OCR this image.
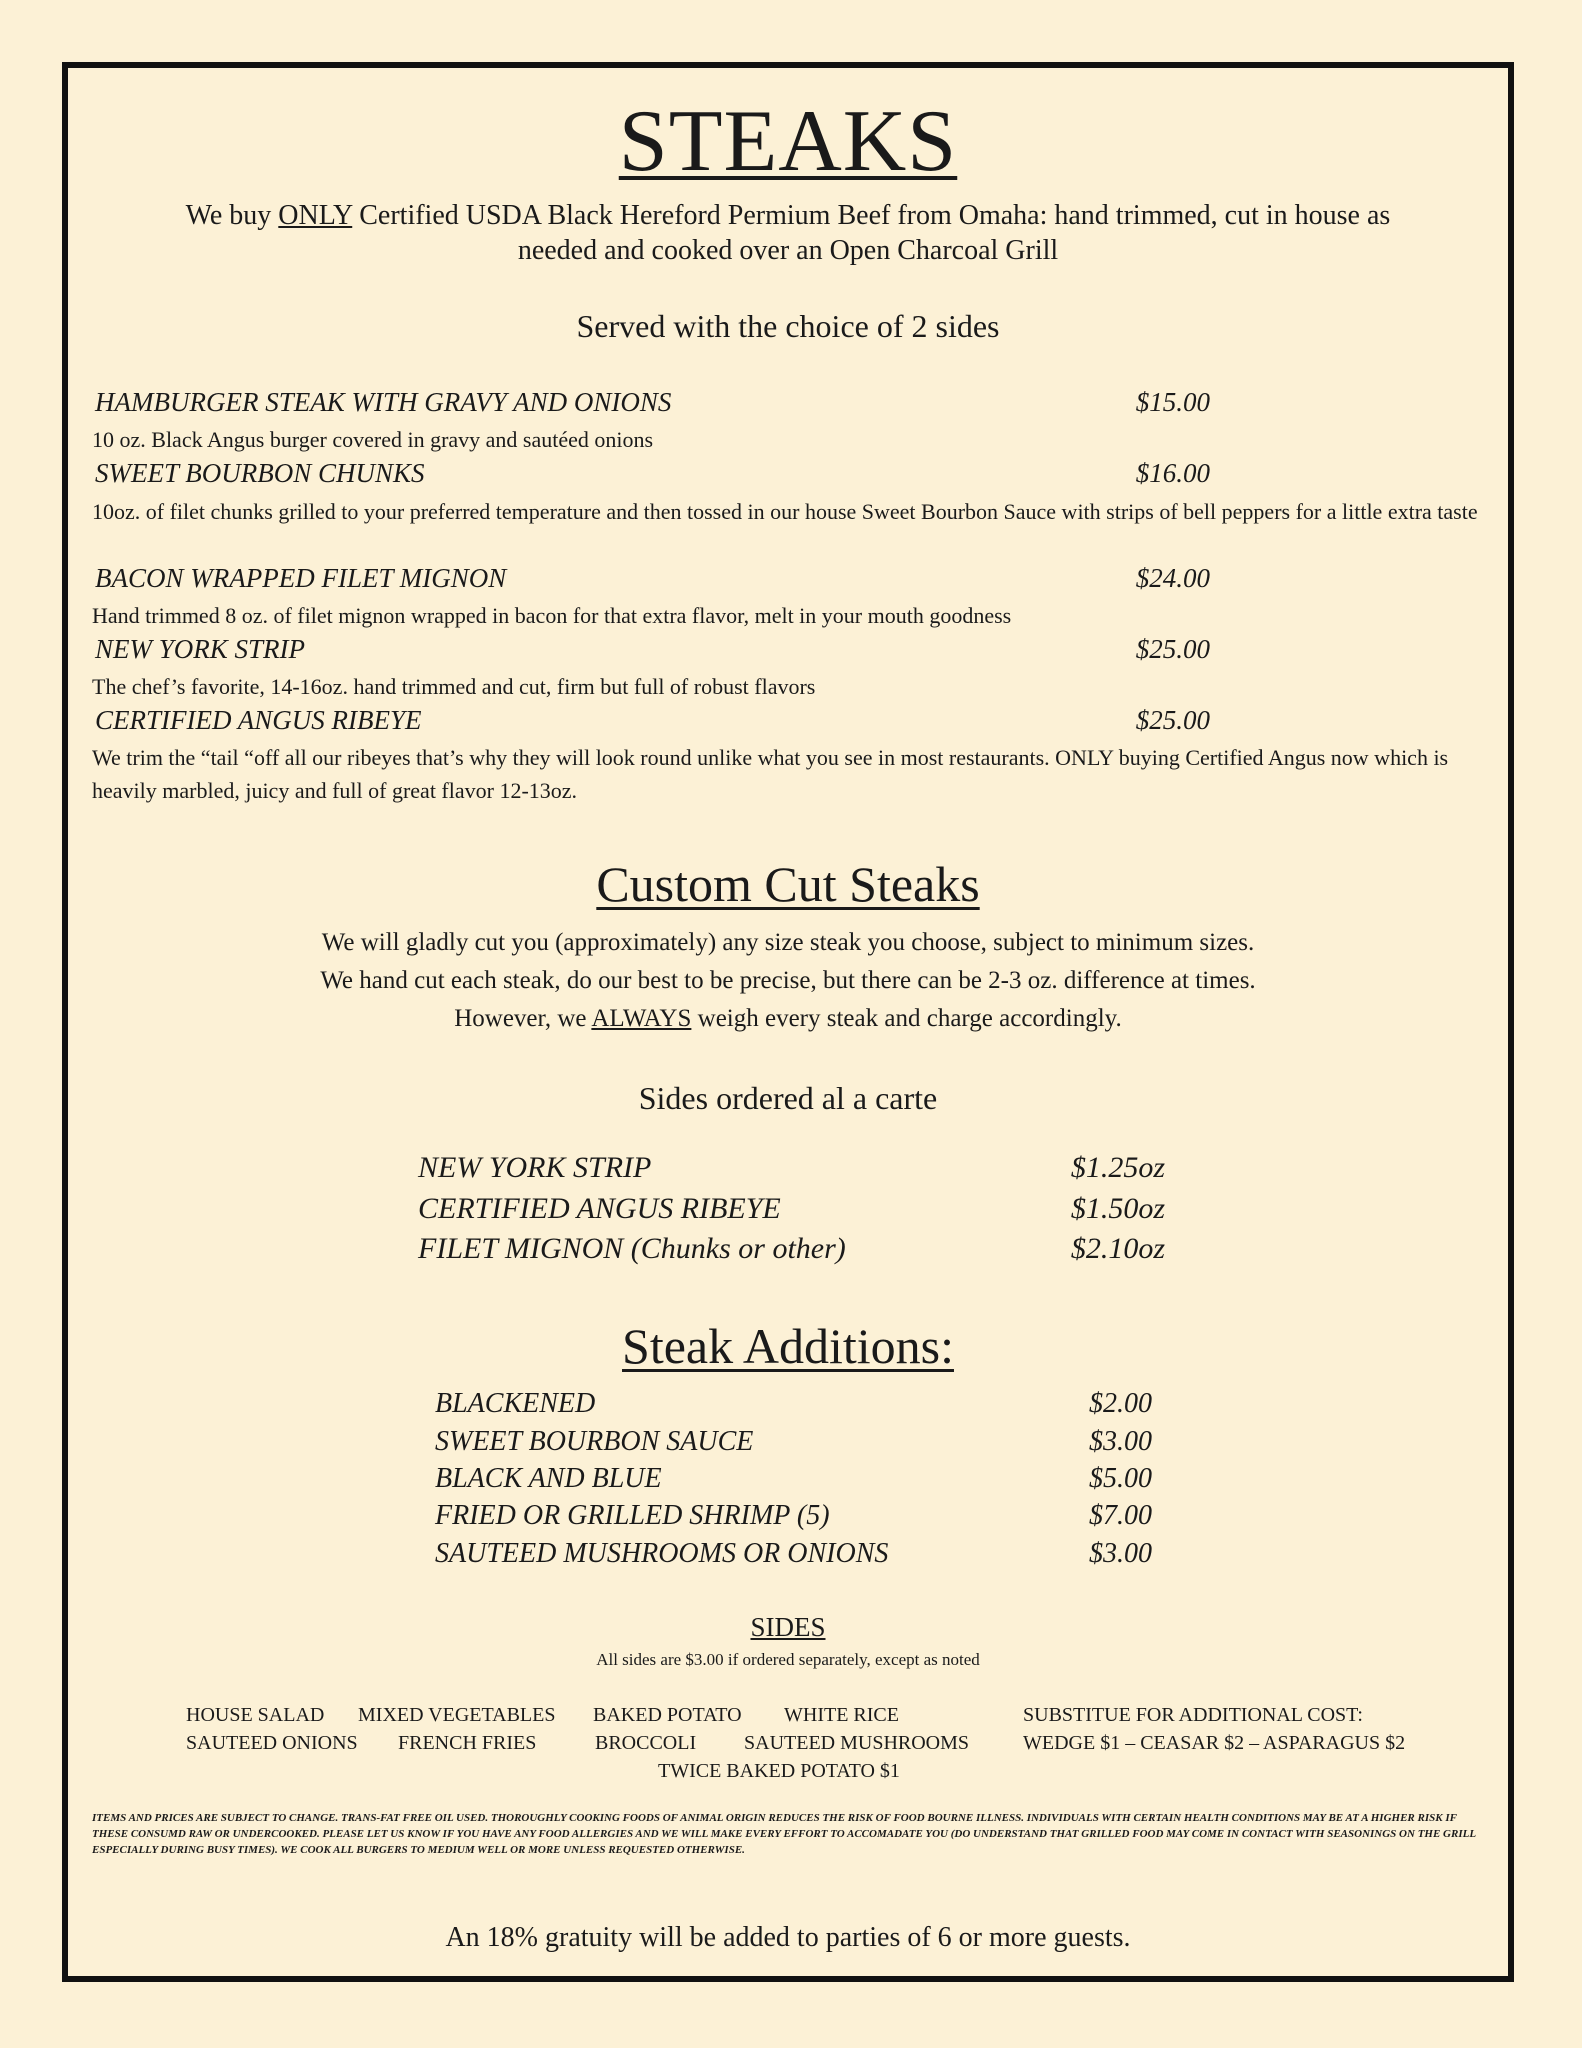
STEAKS
We buy ONLY Certified USDA Black Hereford Permium Beef from Omaha: hand trimmed, cut in house as needed and cooked over an Open Charcoal Grill
Served with the choice of 2 sides
HAMBURGER STEAK WITH GRAVY AND ONIONS	$15.00
10 oz. Black Angus burger covered in gravy and sautéed onions
SWEET BOURBON CHUNKS	$16.00
10oz. of filet chunks grilled to your preferred temperature and then tossed in our house Sweet Bourbon Sauce with strips of bell peppers for a little extra taste
BACON WRAPPED FILET MIGNON	$24.00
Hand trimmed 8 oz. of filet mignon wrapped in bacon for that extra flavor, melt in your mouth goodness
NEW YORK STRIP	$25.00
The chef’s favorite, 14-16oz. hand trimmed and cut, firm but full of robust flavors
CERTIFIED ANGUS RIBEYE	$25.00
We trim the “tail “off all our ribeyes that’s why they will look round unlike what you see in most restaurants. ONLY buying Certified Angus now which is heavily marbled, juicy and full of great flavor 12-13oz.
Custom Cut Steaks
We will gladly cut you (approximately) any size steak you choose, subject to minimum sizes.
We hand cut each steak, do our best to be precise, but there can be 2-3 oz. difference at times.
However, we ALWAYS weigh every steak and charge accordingly.
Sides ordered al a carte
NEW YORK STRIP	$1.25oz
CERTIFIED ANGUS RIBEYE	$1.50oz
FILET MIGNON (Chunks or other)	$2.10oz
Steak Additions:
BLACKENED	$2.00
SWEET BOURBON SAUCE	$3.00
BLACK AND BLUE	$5.00
FRIED OR GRILLED SHRIMP (5)	$7.00
SAUTEED MUSHROOMS OR ONIONS	$3.00
SIDES
All sides are $3.00 if ordered separately, except as noted
HOUSE SALAD MIXED VEGETABLES BAKED POTATO WHITE RICE	SUBSTITUE FOR ADDITIONAL COST:
SAUTEED ONIONS FRENCH FRIES	BROCCOLI SAUTEED MUSHROOMS	WEDGE $1 – CEASAR $2 – ASPARAGUS $2
TWICE BAKED POTATO $1
ITEMS AND PRICES ARE SUBJECT TO CHANGE. TRANS-FAT FREE OIL USED. THOROUGHLY COOKING FOODS OF ANIMAL ORIGIN REDUCES THE RISK OF FOOD BOURNE ILLNESS. INDIVIDUALS WITH CERTAIN HEALTH CONDITIONS MAY BE AT A HIGHER RISK IF THESE CONSUMD RAW OR UNDERCOOKED. PLEASE LET US KNOW IF YOU HAVE ANY FOOD ALLERGIES AND WE WILL MAKE EVERY EFFORT TO ACCOMADATE YOU (DO UNDERSTAND THAT GRILLED FOOD MAY COME IN CONTACT WITH SEASONINGS ON THE GRILL ESPECIALLY DURING BUSY TIMES). WE COOK ALL BURGERS TO MEDIUM WELL OR MORE UNLESS REQUESTED OTHERWISE.
An 18% gratuity will be added to parties of 6 or more guests.
